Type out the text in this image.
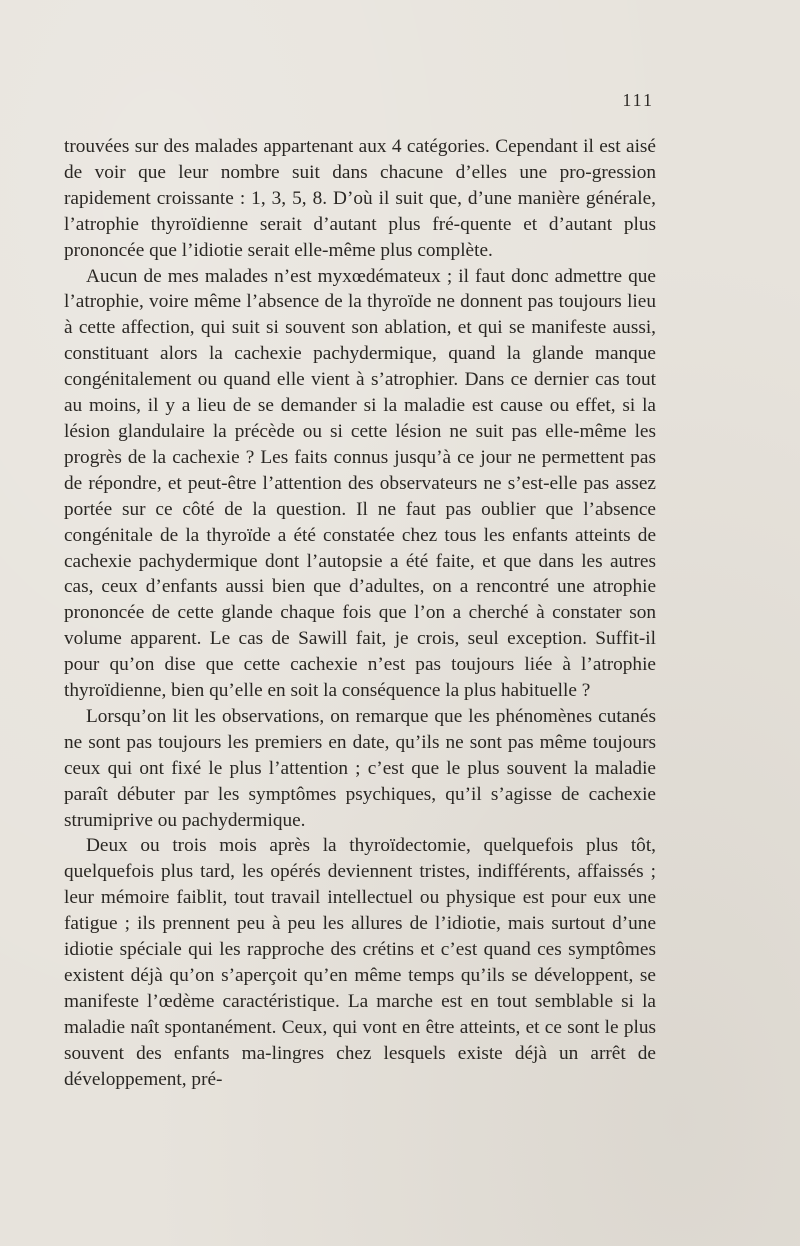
111

trouvées sur des malades appartenant aux 4 catégories. Cependant il est aisé de voir que leur nombre suit dans chacune d’elles une pro-gression rapidement croissante : 1, 3, 5, 8. D’où il suit que, d’une manière générale, l’atrophie thyroïdienne serait d’autant plus fré-quente et d’autant plus prononcée que l’idiotie serait elle-même plus complète.

Aucun de mes malades n’est myxœdémateux ; il faut donc admettre que l’atrophie, voire même l’absence de la thyroïde ne donnent pas toujours lieu à cette affection, qui suit si souvent son ablation, et qui se manifeste aussi, constituant alors la cachexie pachydermique, quand la glande manque congénitalement ou quand elle vient à s’atrophier. Dans ce dernier cas tout au moins, il y a lieu de se demander si la maladie est cause ou effet, si la lésion glandulaire la précède ou si cette lésion ne suit pas elle-même les progrès de la cachexie ? Les faits connus jusqu’à ce jour ne permettent pas de répondre, et peut-être l’attention des observateurs ne s’est-elle pas assez portée sur ce côté de la question. Il ne faut pas oublier que l’absence congénitale de la thyroïde a été constatée chez tous les enfants atteints de cachexie pachydermique dont l’autopsie a été faite, et que dans les autres cas, ceux d’enfants aussi bien que d’adultes, on a rencontré une atrophie prononcée de cette glande chaque fois que l’on a cherché à constater son volume apparent. Le cas de Sawill fait, je crois, seul exception. Suffit-il pour qu’on dise que cette cachexie n’est pas toujours liée à l’atrophie thyroïdienne, bien qu’elle en soit la conséquence la plus habituelle ?

Lorsqu’on lit les observations, on remarque que les phénomènes cutanés ne sont pas toujours les premiers en date, qu’ils ne sont pas même toujours ceux qui ont fixé le plus l’attention ; c’est que le plus souvent la maladie paraît débuter par les symptômes psychiques, qu’il s’agisse de cachexie strumiprive ou pachydermique.

Deux ou trois mois après la thyroïdectomie, quelquefois plus tôt, quelquefois plus tard, les opérés deviennent tristes, indifférents, affaissés ; leur mémoire faiblit, tout travail intellectuel ou physique est pour eux une fatigue ; ils prennent peu à peu les allures de l’idiotie, mais surtout d’une idiotie spéciale qui les rapproche des crétins et c’est quand ces symptômes existent déjà qu’on s’aperçoit qu’en même temps qu’ils se développent, se manifeste l’œdème caractéristique. La marche est en tout semblable si la maladie naît spontanément. Ceux, qui vont en être atteints, et ce sont le plus souvent des enfants ma-lingres chez lesquels existe déjà un arrêt de développement, pré-
